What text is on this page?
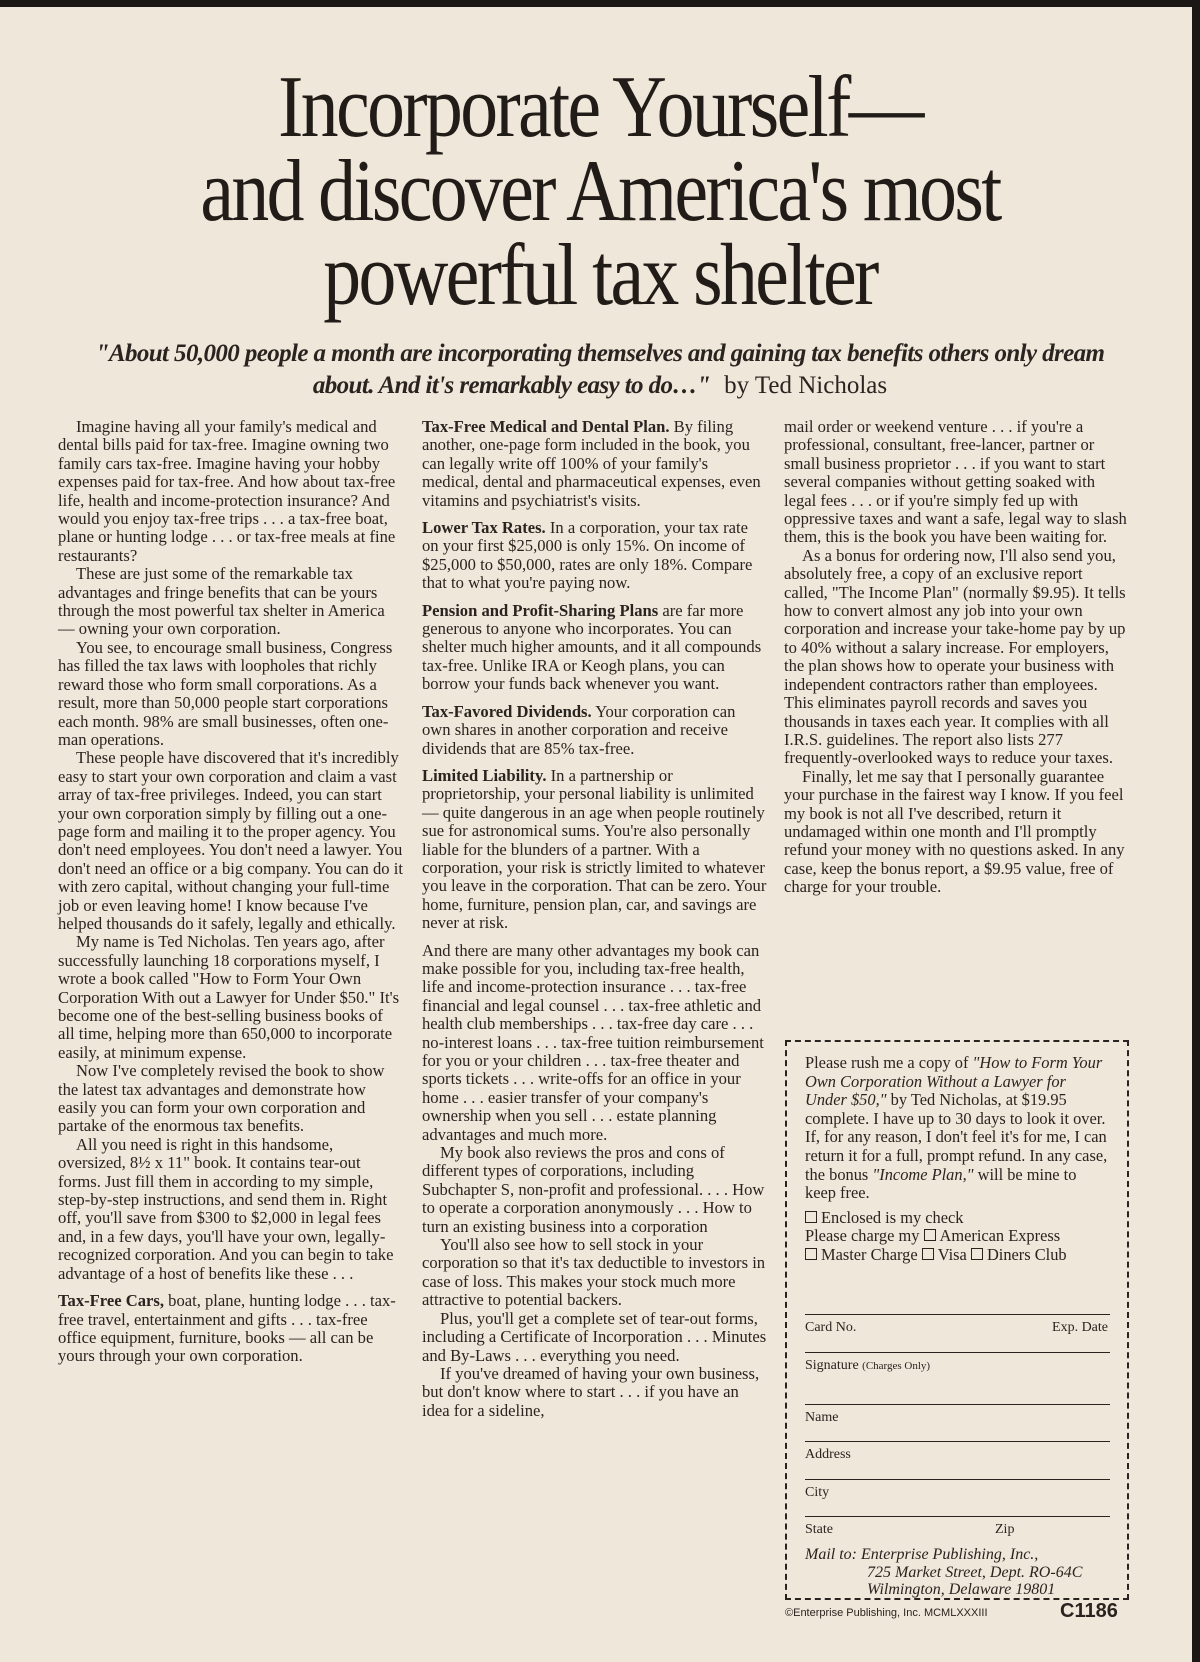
Incorporate Yourself—
and discover America's most
powerful tax shelter
"About 50,000 people a month are incorporating themselves and gaining tax benefits others only dream about. And it's remarkably easy to do…" by Ted Nicholas

Imagine having all your family's medical and dental bills paid for tax-free. Imagine owning two family cars tax-free. Imagine having your hobby expenses paid for tax-free. And how about tax-free life, health and income-protection insurance? And would you enjoy tax-free trips . . . a tax-free boat, plane or hunting lodge . . . or tax-free meals at fine restaurants?

These are just some of the remarkable tax advantages and fringe benefits that can be yours through the most powerful tax shelter in America — owning your own corporation.

You see, to encourage small business, Congress has filled the tax laws with loopholes that richly reward those who form small corporations. As a result, more than 50,000 people start corporations each month. 98% are small businesses, often one-man operations.

These people have discovered that it's incredibly easy to start your own corporation and claim a vast array of tax-free privileges. Indeed, you can start your own corporation simply by filling out a one-page form and mailing it to the proper agency. You don't need employees. You don't need a lawyer. You don't need an office or a big company. You can do it with zero capital, without changing your full-time job or even leaving home! I know because I've helped thousands do it safely, legally and ethically.

My name is Ted Nicholas. Ten years ago, after successfully launching 18 corporations myself, I wrote a book called "How to Form Your Own Corporation With out a Lawyer for Under $50." It's become one of the best-selling business books of all time, helping more than 650,000 to incorporate easily, at minimum expense.

Now I've completely revised the book to show the latest tax advantages and demonstrate how easily you can form your own corporation and partake of the enormous tax benefits.

All you need is right in this handsome, oversized, 8½ x 11" book. It contains tear-out forms. Just fill them in according to my simple, step-by-step instructions, and send them in. Right off, you'll save from $300 to $2,000 in legal fees and, in a few days, you'll have your own, legally-recognized corporation. And you can begin to take advantage of a host of benefits like these . . .

Tax-Free Cars, boat, plane, hunting lodge . . . tax-free travel, entertainment and gifts . . . tax-free office equipment, furniture, books — all can be yours through your own corporation.

Tax-Free Medical and Dental Plan. By filing another, one-page form included in the book, you can legally write off 100% of your family's medical, dental and pharmaceutical expenses, even vitamins and psychiatrist's visits.

Lower Tax Rates. In a corporation, your tax rate on your first $25,000 is only 15%. On income of $25,000 to $50,000, rates are only 18%. Compare that to what you're paying now.

Pension and Profit-Sharing Plans are far more generous to anyone who incorporates. You can shelter much higher amounts, and it all compounds tax-free. Unlike IRA or Keogh plans, you can borrow your funds back whenever you want.

Tax-Favored Dividends. Your corporation can own shares in another corporation and receive dividends that are 85% tax-free.

Limited Liability. In a partnership or proprietorship, your personal liability is unlimited — quite dangerous in an age when people routinely sue for astronomical sums. You're also personally liable for the blunders of a partner. With a corporation, your risk is strictly limited to whatever you leave in the corporation. That can be zero. Your home, furniture, pension plan, car, and savings are never at risk.

And there are many other advantages my book can make possible for you, including tax-free health, life and income-protection insurance . . . tax-free financial and legal counsel . . . tax-free athletic and health club memberships . . . tax-free day care . . . no-interest loans . . . tax-free tuition reimbursement for you or your children . . . tax-free theater and sports tickets . . . write-offs for an office in your home . . . easier transfer of your company's ownership when you sell . . . estate planning advantages and much more.

My book also reviews the pros and cons of different types of corporations, including Subchapter S, non-profit and professional. . . . How to operate a corporation anonymously . . . How to turn an existing business into a corporation

You'll also see how to sell stock in your corporation so that it's tax deductible to investors in case of loss. This makes your stock much more attractive to potential backers.

Plus, you'll get a complete set of tear-out forms, including a Certificate of Incorporation . . . Minutes and By-Laws . . . everything you need.

If you've dreamed of having your own business, but don't know where to start . . . if you have an idea for a sideline,

mail order or weekend venture . . . if you're a professional, consultant, free-lancer, partner or small business proprietor . . . if you want to start several companies without getting soaked with legal fees . . . or if you're simply fed up with oppressive taxes and want a safe, legal way to slash them, this is the book you have been waiting for.

As a bonus for ordering now, I'll also send you, absolutely free, a copy of an exclusive report called, "The Income Plan" (normally $9.95). It tells how to convert almost any job into your own corporation and increase your take-home pay by up to 40% without a salary increase. For employers, the plan shows how to operate your business with independent contractors rather than employees. This eliminates payroll records and saves you thousands in taxes each year. It complies with all I.R.S. guidelines. The report also lists 277 frequently-overlooked ways to reduce your taxes.

Finally, let me say that I personally guarantee your purchase in the fairest way I know. If you feel my book is not all I've described, return it undamaged within one month and I'll promptly refund your money with no questions asked. In any case, keep the bonus report, a $9.95 value, free of charge for your trouble.

Please rush me a copy of "How to Form Your Own Corporation Without a Lawyer for Under $50," by Ted Nicholas, at $19.95 complete. I have up to 30 days to look it over. If, for any reason, I don't feel it's for me, I can return it for a full, prompt refund. In any case, the bonus "Income Plan," will be mine to keep free.

Enclosed is my check

Please charge my American Express

Master Charge Visa Diners Club

Card No.	Exp. Date
Signature (Charges Only)
Name
Address
City
State	Zip
Mail to: Enterprise Publishing, Inc.,
725 Market Street, Dept. RO-64C
Wilmington, Delaware 19801
©Enterprise Publishing, Inc. MCMLXXXIII	C1186
